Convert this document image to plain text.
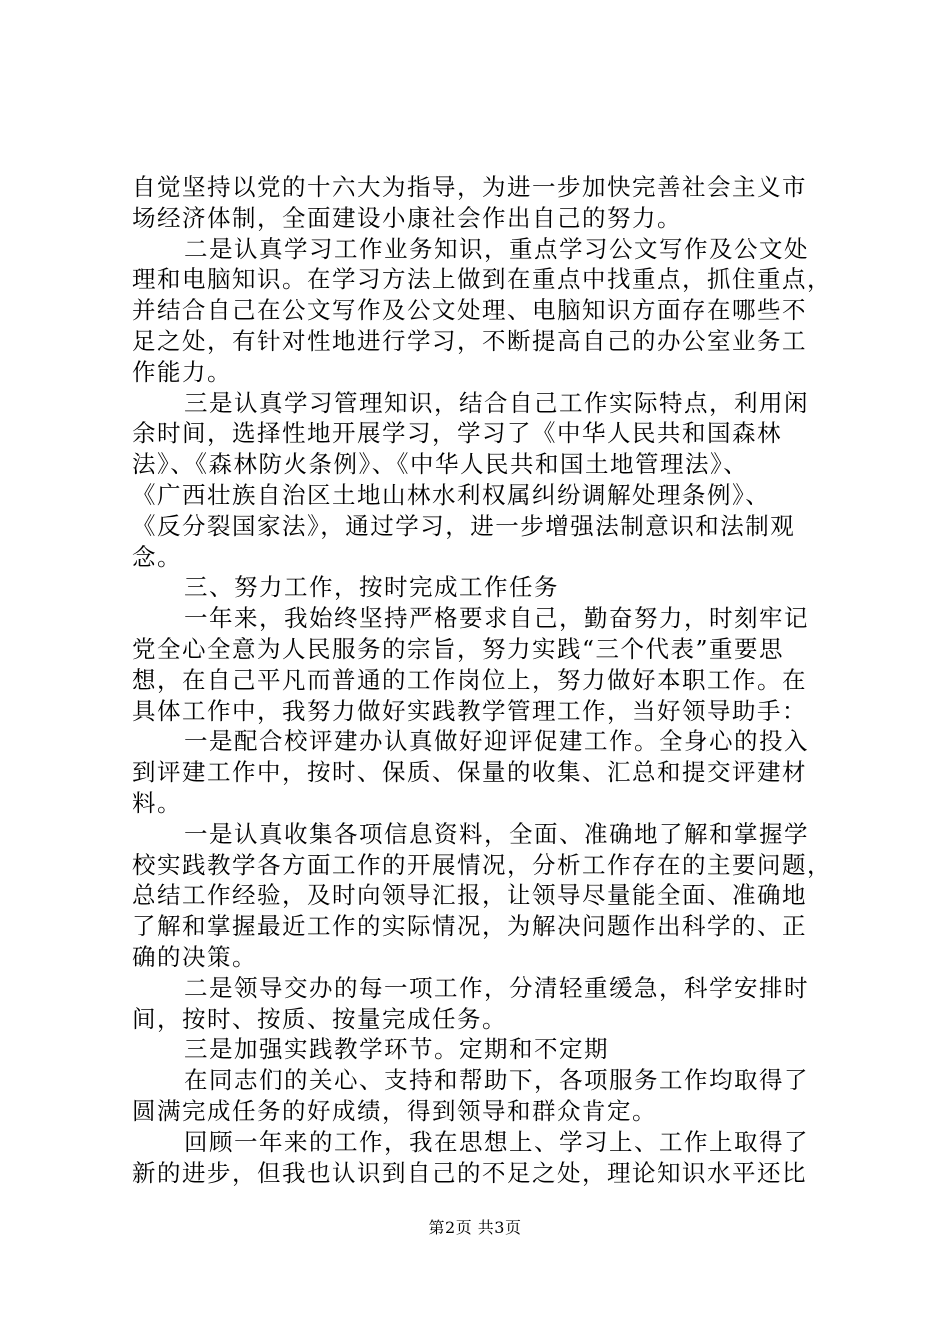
自觉坚持以党的十六大为指导，为进一步加快完善社会主义市
场经济体制，全面建设小康社会作出自己的努力。
二是认真学习工作业务知识，重点学习公文写作及公文处
理和电脑知识。在学习方法上做到在重点中找重点，抓住重点，
并结合自己在公文写作及公文处理、电脑知识方面存在哪些不
足之处，有针对性地进行学习，不断提高自己的办公室业务工
作能力。
三是认真学习管理知识，结合自己工作实际特点，利用闲
余时间，选择性地开展学习，学习了《中华人民共和国森林
法》、《森林防火条例》、《中华人民共和国土地管理法》、
《广西壮族自治区土地山林水利权属纠纷调解处理条例》、
《反分裂国家法》，通过学习，进一步增强法制意识和法制观
念。
三、努力工作，按时完成工作任务
一年来，我始终坚持严格要求自己，勤奋努力，时刻牢记
党全心全意为人民服务的宗旨，努力实践“三个代表”重要思
想，在自己平凡而普通的工作岗位上，努力做好本职工作。在
具体工作中，我努力做好实践教学管理工作，当好领导助手：
一是配合校评建办认真做好迎评促建工作。全身心的投入
到评建工作中，按时、保质、保量的收集、汇总和提交评建材
料。
一是认真收集各项信息资料，全面、准确地了解和掌握学
校实践教学各方面工作的开展情况，分析工作存在的主要问题，
总结工作经验，及时向领导汇报，让领导尽量能全面、准确地
了解和掌握最近工作的实际情况，为解决问题作出科学的、正
确的决策。
二是领导交办的每一项工作，分清轻重缓急，科学安排时
间，按时、按质、按量完成任务。
三是加强实践教学环节。定期和不定期
在同志们的关心、支持和帮助下，各项服务工作均取得了
圆满完成任务的好成绩，得到领导和群众肯定。
回顾一年来的工作，我在思想上、学习上、工作上取得了
新的进步，但我也认识到自己的不足之处，理论知识水平还比
第2页 共3页
